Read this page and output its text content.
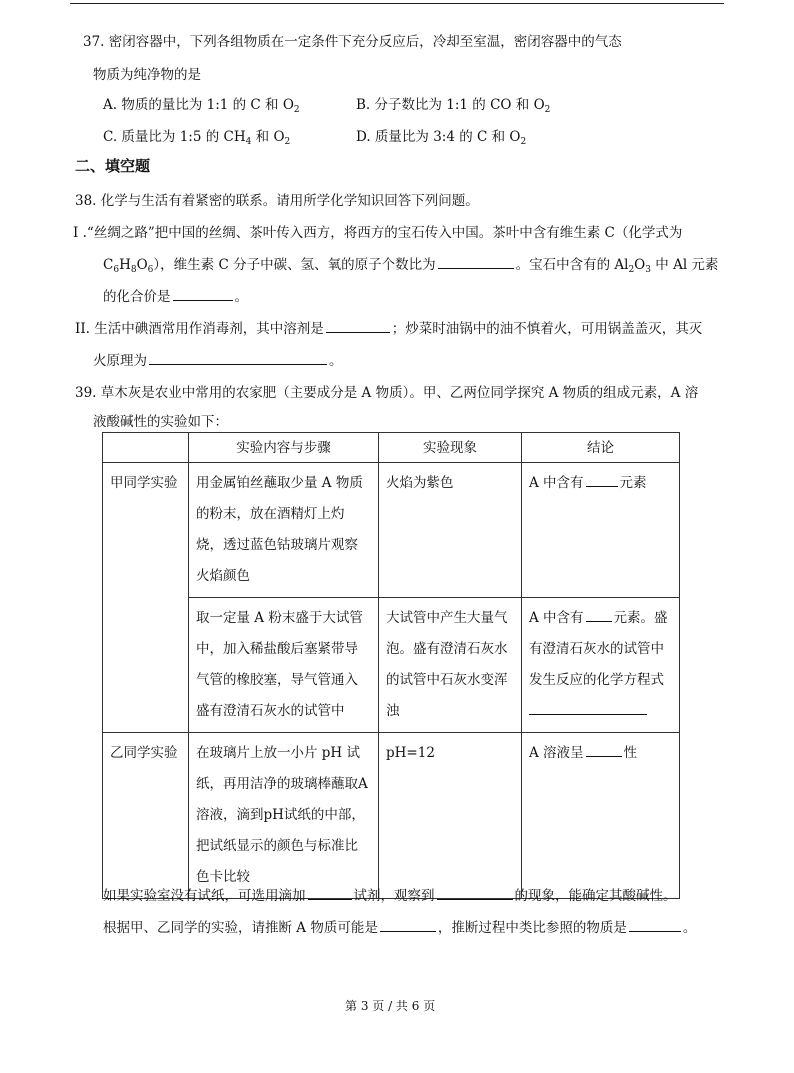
37. 密闭容器中，下列各组物质在一定条件下充分反应后，冷却至室温，密闭容器中的气态
物质为纯净物的是
A. 物质的量比为 1:1 的 C 和 $O_2$	B. 分子数比为 1:1 的 CO 和 $O_2$
C. 质量比为 1:5 的 $CH_4$ 和 $O_2$	D. 质量比为 3:4 的 C 和 $O_2$
二、填空题
38. 化学与生活有着紧密的联系。请用所学化学知识回答下列问题。
I .“丝绸之路”把中国的丝绸、茶叶传入西方，将西方的宝石传入中国。茶叶中含有维生素 C（化学式为
$C_6H_8O_6$），维生素 C 分子中碳、氢、氧的原子个数比为	。宝石中含有的 $Al_2O_3$ 中 Al 元素
的化合价是	。
II. 生活中碘酒常用作消毒剂，其中溶剂是	；炒菜时油锅中的油不慎着火，可用锅盖盖灭，其灭
火原理为	。
39. 草木灰是农业中常用的农家肥（主要成分是 A 物质）。甲、乙两位同学探究 A 物质的组成元素，A 溶
液酸碱性的实验如下：
	实验内容与步骤	实验现象	结论
甲同学实验	用金属铂丝蘸取少量 A 物质的粉末，放在酒精灯上灼烧，透过蓝色钴玻璃片观察火焰颜色	火焰为紫色	A 中含有 元素
	取一定量 A 粉末盛于大试管中，加入稀盐酸后塞紧带导气管的橡胶塞，导气管通入盛有澄清石灰水的试管中	大试管中产生大量气泡。盛有澄清石灰水的试管中石灰水变浑浊	A 中含有 元素。盛有澄清石灰水的试管中发生反应的化学方程式

乙同学实验	在玻璃片上放一小片 pH 试纸，再用洁净的玻璃棒蘸取A溶液，滴到pH试纸的中部，把试纸显示的颜色与标准比色卡比较	pH=12	A 溶液呈 性
如果实验室没有试纸，可选用滴加	试剂，观察到	的现象，能确定其酸碱性。
根据甲、乙同学的实验，请推断 A 物质可能是	，推断过程中类比参照的物质是	。
第 3 页 / 共 6 页
